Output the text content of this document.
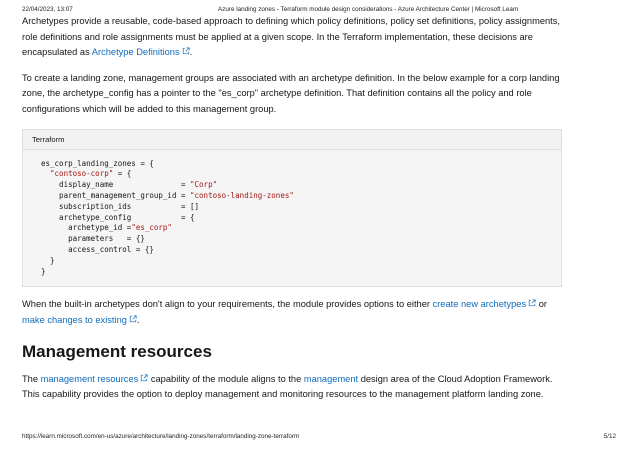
22/04/2023, 13:07	Azure landing zones - Terraform module design considerations - Azure Architecture Center | Microsoft Learn

Archetypes provide a reusable, code-based approach to defining which policy definitions, policy set definitions, policy assignments, role definitions and role assignments must be applied at a given scope. In the Terraform implementation, these decisions are encapsulated as Archetype Definitions .

To create a landing zone, management groups are associated with an archetype definition. In the below example for a corp landing zone, the archetype_config has a pointer to the "es_corp" archetype definition. That definition contains all the policy and role configurations which will be added to this management group.

Terraform
es_corp_landing_zones = {
"contoso-corp" = {
display_name               = "Corp"
parent_management_group_id = "contoso-landing-zones"
subscription_ids           = []
archetype_config           = {
archetype_id ="es_corp"
parameters   = {}
access_control = {}
}
}

When the built-in archetypes don't align to your requirements, the module provides options to either create new archetypes
or make changes to existing .

Management resources

The management resources
capability of the module aligns to the management design area of the Cloud Adoption Framework. This capability provides the option to deploy management and monitoring resources to the management platform landing zone.

https://learn.microsoft.com/en-us/azure/architecture/landing-zones/terraform/landing-zone-terraform	5/12
